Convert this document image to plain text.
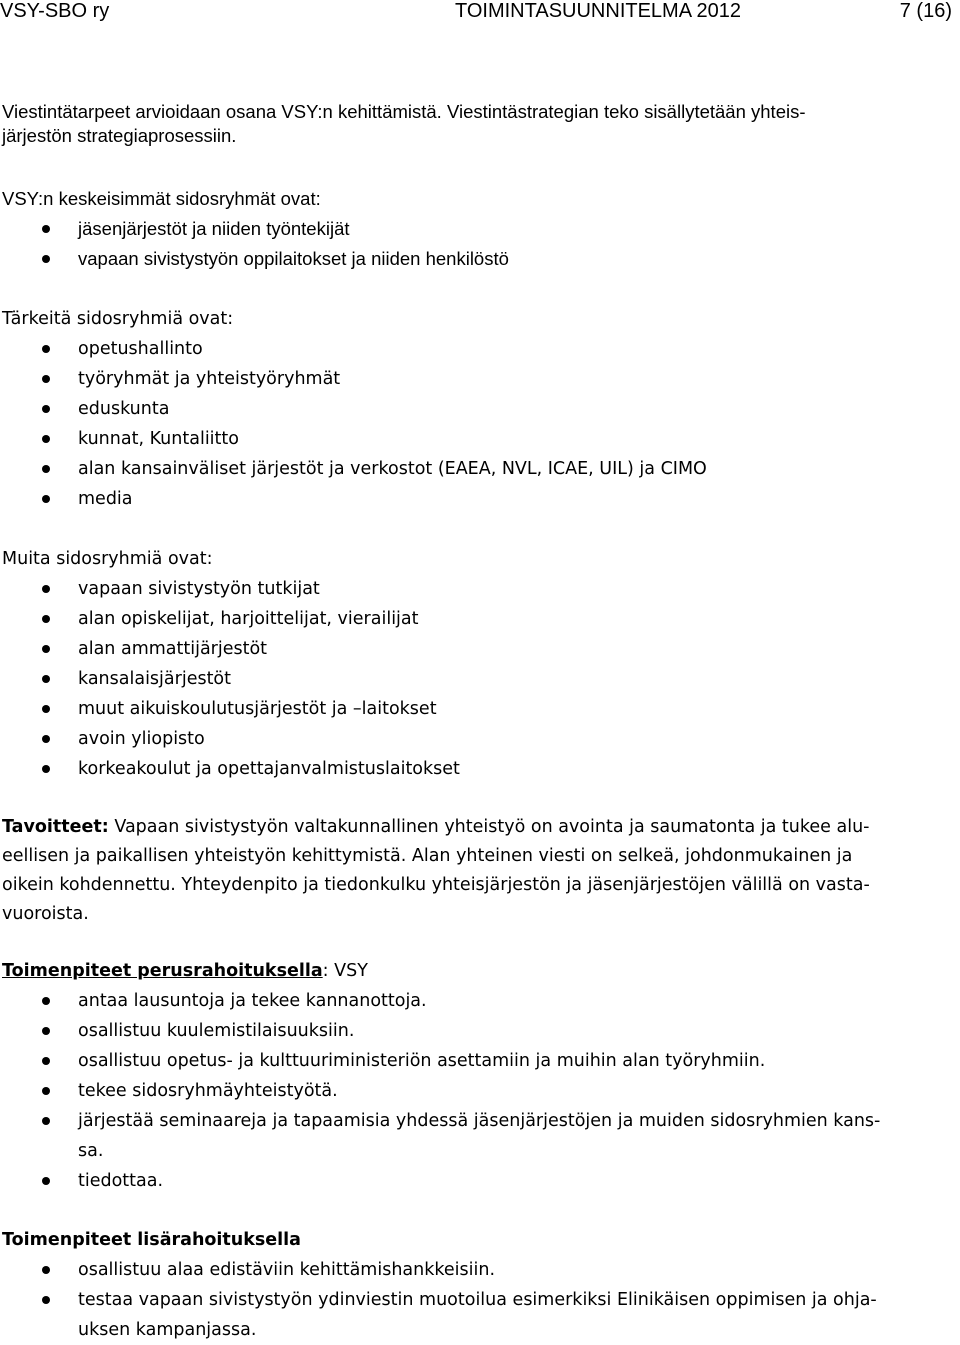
VSY-SBO ry	TOIMINTASUUNNITELMA 2012	7 (16)

Viestintätarpeet arvioidaan osana VSY:n kehittämistä. Viestintästrategian teko sisällytetään yhteis-

järjestön strategiaprosessiin.

VSY:n keskeisimmät sidosryhmät ovat:

jäsenjärjestöt ja niiden työntekijät
vapaan sivistystyön oppilaitokset ja niiden henkilöstö

Tärkeitä sidosryhmiä ovat:

opetushallinto
työryhmät ja yhteistyöryhmät
eduskunta
kunnat, Kuntaliitto
alan kansainväliset järjestöt ja verkostot (EAEA, NVL, ICAE, UIL) ja CIMO
media

Muita sidosryhmiä ovat:

vapaan sivistystyön tutkijat
alan opiskelijat, harjoittelijat, vierailijat
alan ammattijärjestöt
kansalaisjärjestöt
muut aikuiskoulutusjärjestöt ja –laitokset
avoin yliopisto
korkeakoulut ja opettajanvalmistuslaitokset

Tavoitteet: Vapaan sivistystyön valtakunnallinen yhteistyö on avointa ja saumatonta ja tukee alu-

eellisen ja paikallisen yhteistyön kehittymistä. Alan yhteinen viesti on selkeä, johdonmukainen ja

oikein kohdennettu. Yhteydenpito ja tiedonkulku yhteisjärjestön ja jäsenjärjestöjen välillä on vasta-

vuoroista.

Toimenpiteet perusrahoituksella: VSY

antaa lausuntoja ja tekee kannanottoja.
osallistuu kuulemistilaisuuksiin.
osallistuu opetus- ja kulttuuriministeriön asettamiin ja muihin alan työryhmiin.
tekee sidosryhmäyhteistyötä.
järjestää seminaareja ja tapaamisia yhdessä jäsenjärjestöjen ja muiden sidosryhmien kans-
sa.
tiedottaa.

Toimenpiteet lisärahoituksella

osallistuu alaa edistäviin kehittämishankkeisiin.
testaa vapaan sivistystyön ydinviestin muotoilua esimerkiksi Elinikäisen oppimisen ja ohja-
uksen kampanjassa.
